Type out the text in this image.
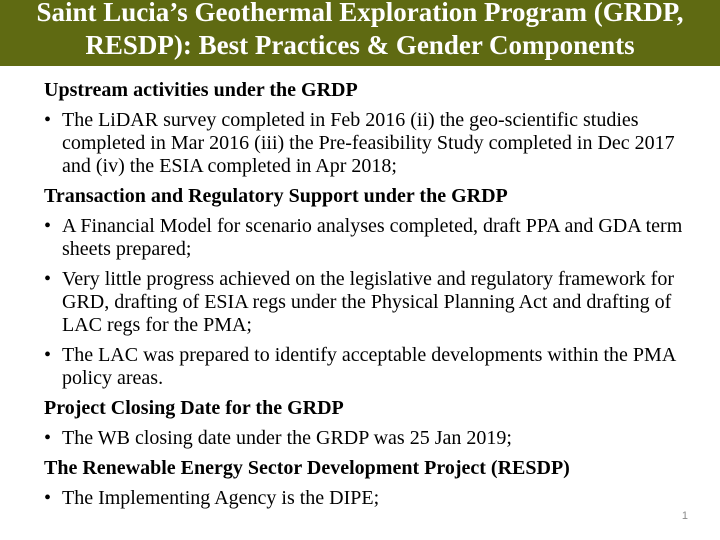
Saint Lucia’s Geothermal Exploration Program (GRDP,
RESDP): Best Practices & Gender Components
Upstream activities under the GRDP
• The LiDAR survey completed in Feb 2016 (ii) the geo-scientific studies completed in Mar 2016 (iii) the Pre-feasibility Study completed in Dec 2017 and (iv) the ESIA completed in Apr 2018;
Transaction and Regulatory Support under the GRDP
• A Financial Model for scenario analyses completed, draft PPA and GDA term sheets prepared;
• Very little progress achieved on the legislative and regulatory framework for GRD, drafting of ESIA regs under the Physical Planning Act and drafting of LAC regs for the PMA;
• The LAC was prepared to identify acceptable developments within the PMA policy areas.
Project Closing Date for the GRDP
• The WB closing date under the GRDP was 25 Jan 2019;
The Renewable Energy Sector Development Project (RESDP)
• The Implementing Agency is the DIPE;
1
